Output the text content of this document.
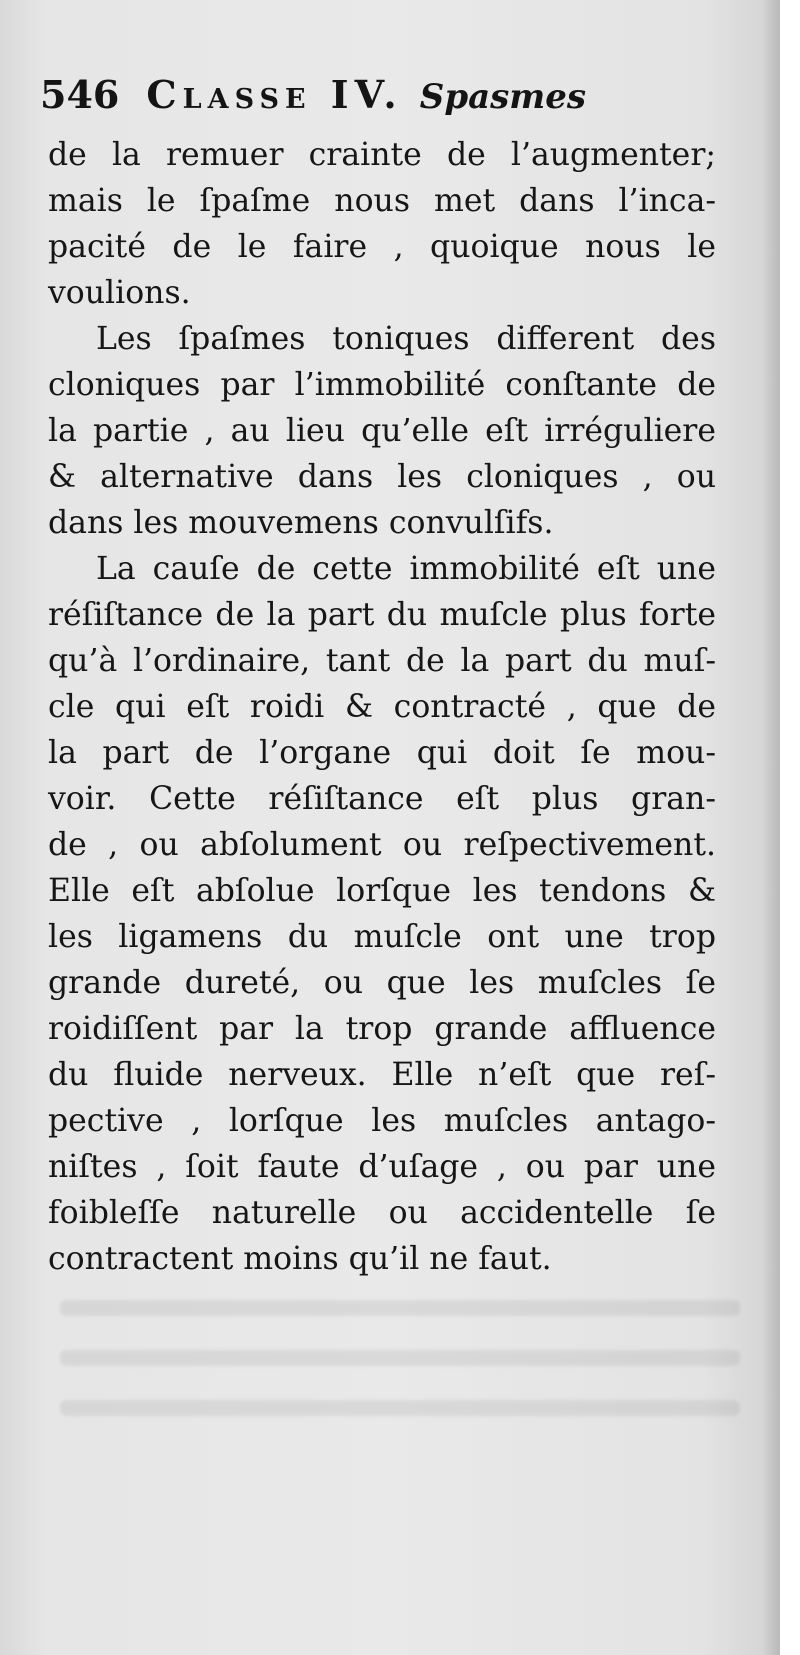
546 Classe IV. Spasmes
de la remuer crainte de l’augmenter;
mais le ſpaſme nous met dans l’inca-
pacité de le faire , quoique nous le
voulions.
Les ſpaſmes toniques different des
cloniques par l’immobilité conſtante de
la partie , au lieu qu’elle eſt irréguliere
& alternative dans les cloniques , ou
dans les mouvemens convulſifs.
La cauſe de cette immobilité eſt une
réſiſtance de la part du muſcle plus forte
qu’à l’ordinaire, tant de la part du muſ-
cle qui eſt roidi & contracté , que de
la part de l’organe qui doit ſe mou-
voir. Cette réſiſtance eſt plus gran-
de , ou abſolument ou reſpectivement.
Elle eſt abſolue lorſque les tendons &
les ligamens du muſcle ont une trop
grande dureté, ou que les muſcles ſe
roidiſſent par la trop grande affluence
du fluide nerveux. Elle n’eſt que reſ-
pective , lorſque les muſcles antago-
niſtes , ſoit faute d’uſage , ou par une
foibleſſe naturelle ou accidentelle ſe
contractent moins qu’il ne faut.
